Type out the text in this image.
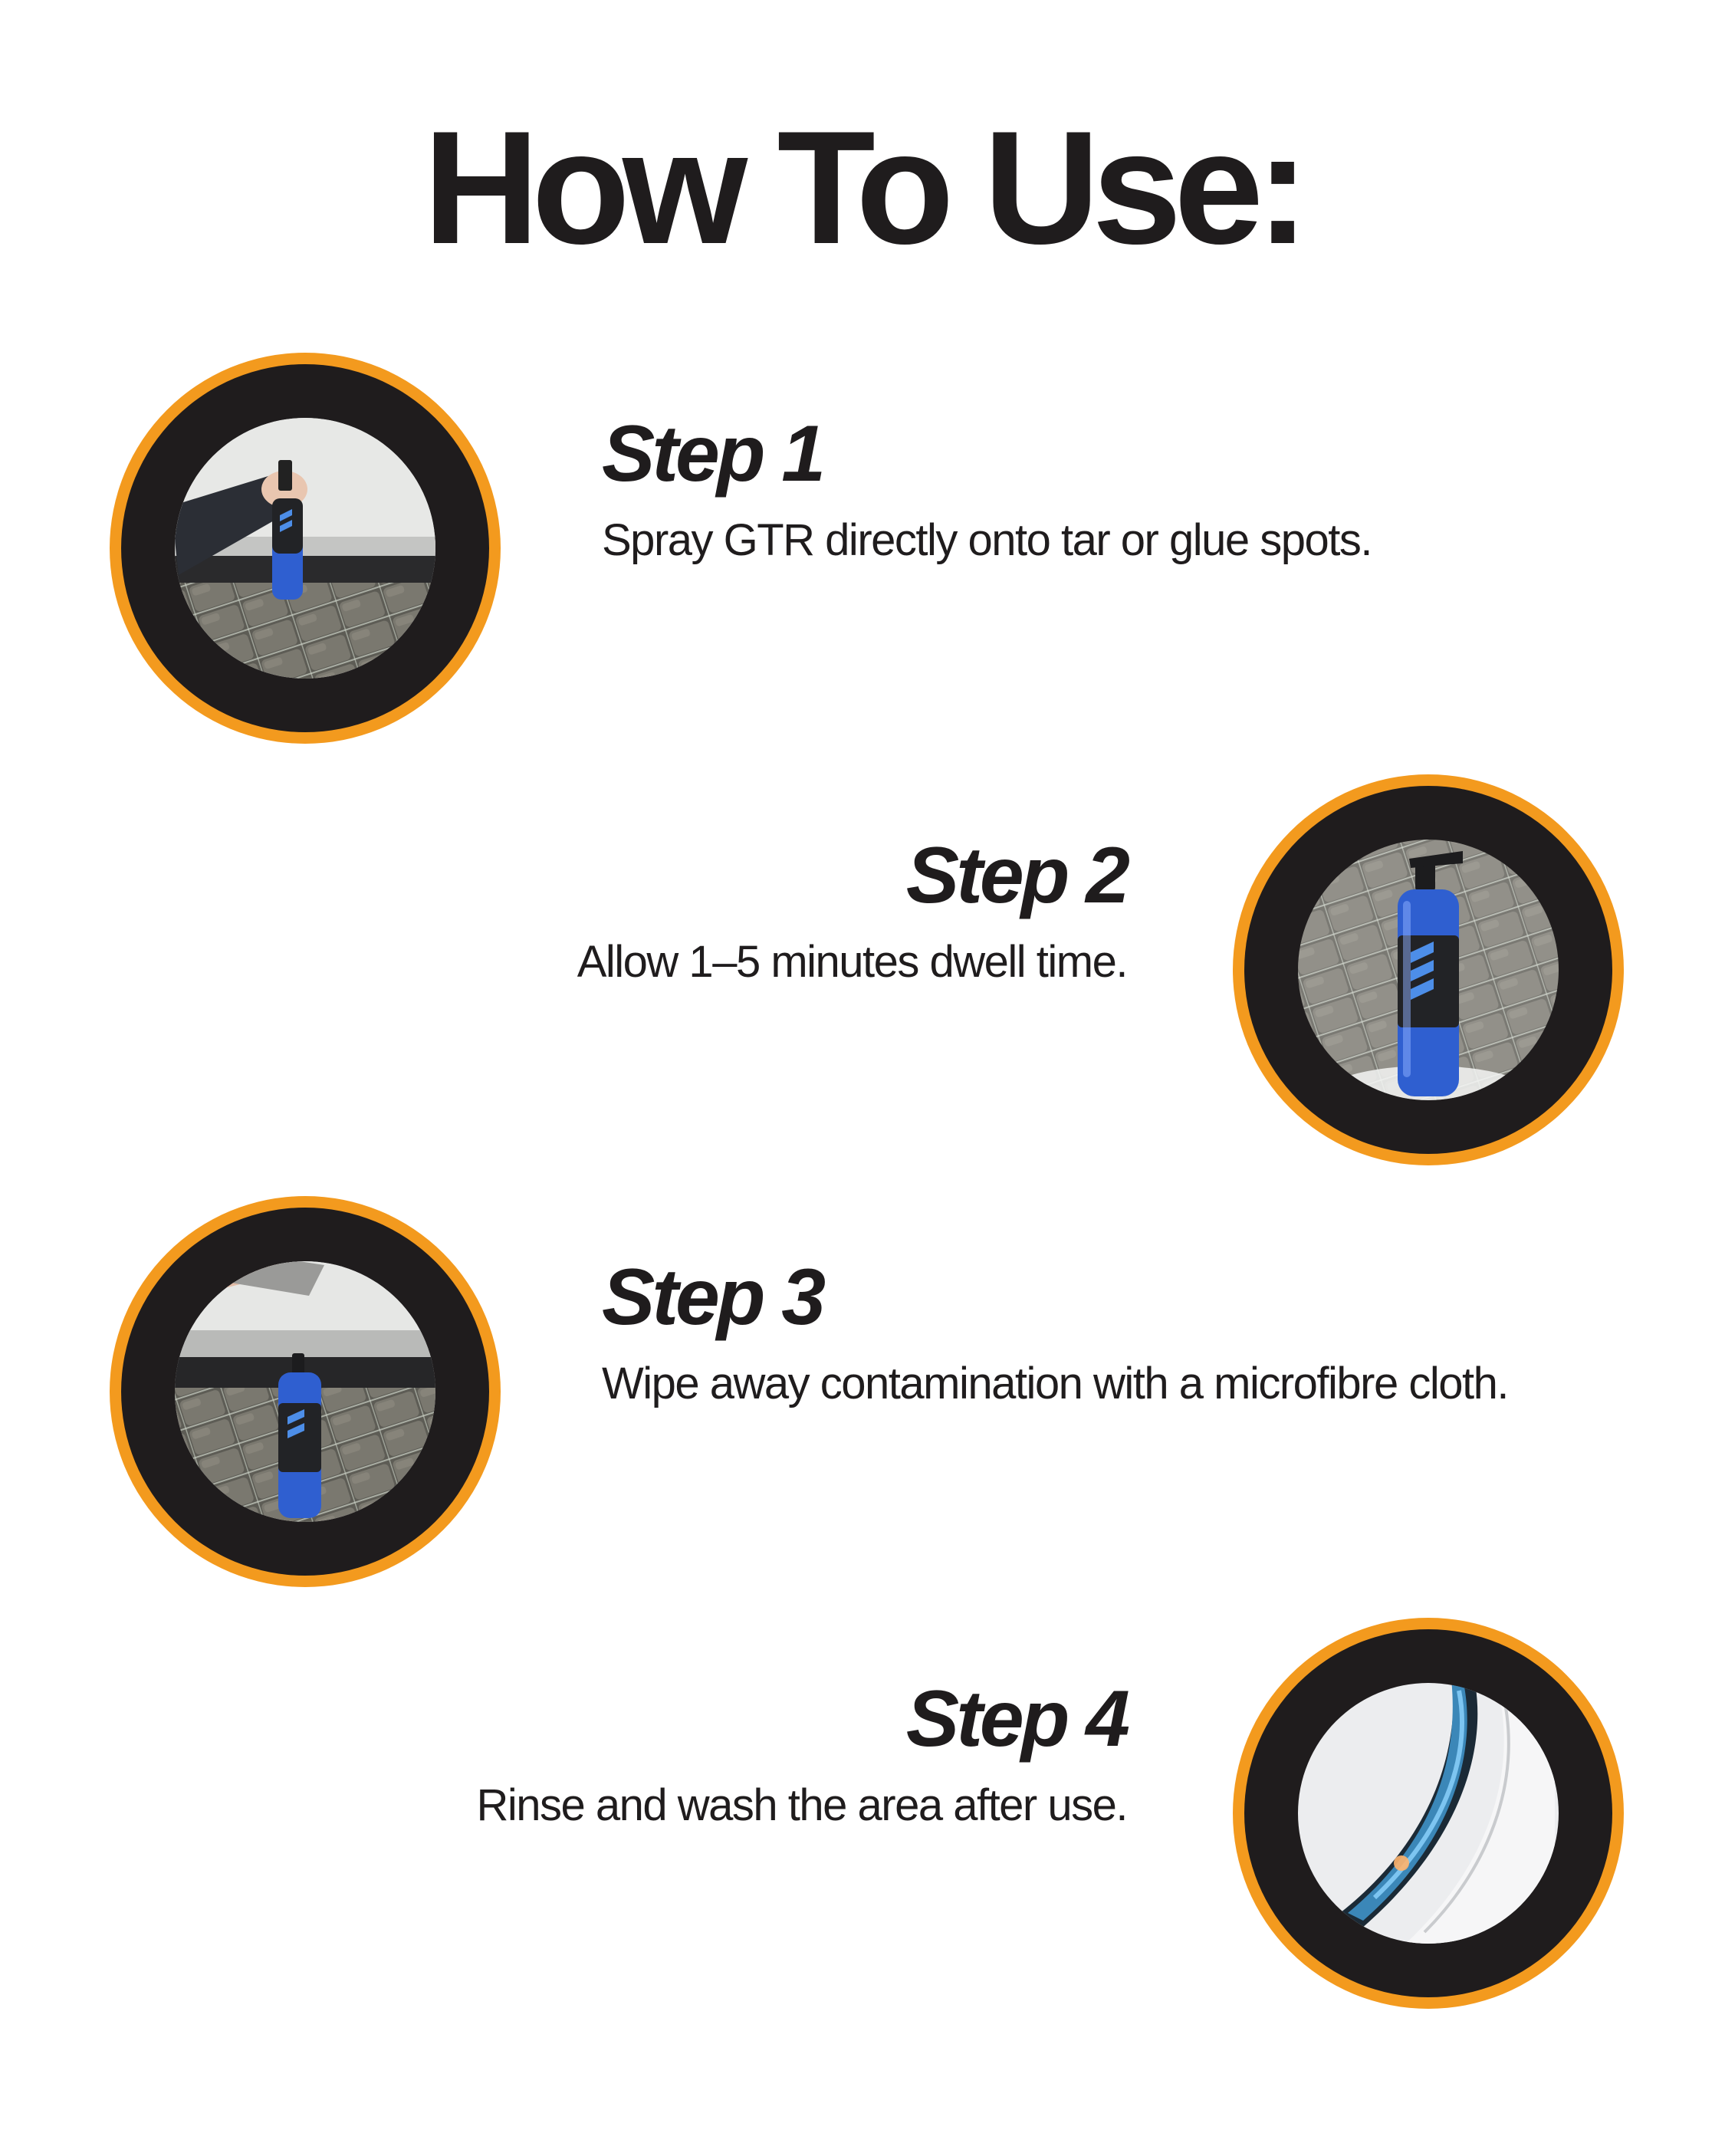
How To Use:
Step 1

Spray GTR directly onto tar or glue spots.

Step 2

Allow 1–5 minutes dwell time.

Step 3

Wipe away contamination with a microfibre cloth.

Step 4

Rinse and wash the area after use.
